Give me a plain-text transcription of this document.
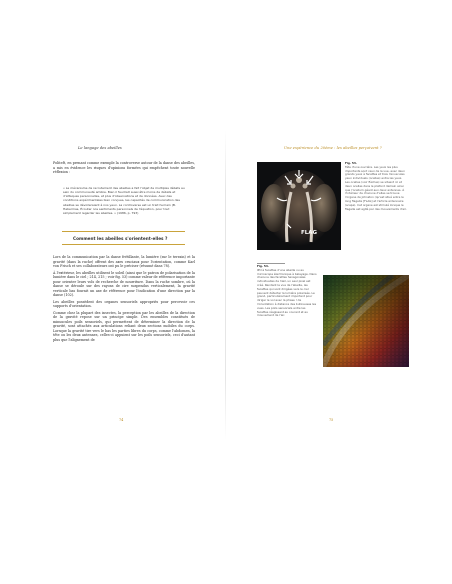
Le langage des abeilles

Politeft, en prenant comme exemple la controverse autour de la danse des abeilles, a mis en évidence les risques d'opinions formées qui empêchent toute nouvelle réflexion :

« Le mécanisme de recrutement des abeilles a fait l'objet de multiples débats au sein du communauté amibie. Bien il faudrait aussi être moins de débats et d'attaques personnelles, et plus d'observations et de données. Avec des conditions expérimentales bien conçues, les capacités de communication des abeilles se dévoileraient à nos yeux. La controverse est un trait humain (B. Habermas, Écouter nos sentiments personnels de l'équation, pour tout simplement regarder les abeilles. » (1986, p. 793)
Comment les abeilles s'orientent-elles ?

Lors de la communication par la danse frétillante, la lumière (sur le terrain) et la gravité (dans la ruche) offrent des axes cruciaux pour l'orientation, comme Karl von Frisch et ses collaborateurs ont pu le préciser (résumé dans 78).

À l'extérieur, les abeilles utilisent le soleil (ainsi que le patron de polarisation de la lumière dans le ciel ; 214, 215 ; voir fig. 53) comme valeur de référence importante pour orienter leurs vols de recherche de nourriture. Dans la ruche sombre, où la danse se déroule sur des rayons de cire suspendus verticalement, la gravité verticale bas fournit un axe de référence pour l'indication d'une direction par la danse (102).

Les abeilles possèdent des organes sensoriels appropriés pour percevoir ces supports d'orientation.

Comme chez la plupart des insectes, la perception par les abeilles de la direction de la gravité repose sur un principe simple. Des ensembles constitués de minuscules poils sensoriels, qui permettent de déterminer la direction de la gravité, sont attachés aux articulations reliant deux sections mobiles du corps. Lorsque la gravité tire vers le bas les parties libres du corps, comme l'abdomen, la tête ou les deux antennes, celles-ci appuient sur les poils sensoriels, ceci d'autant plus que l'alignement de

74
Une expérience du 20ème : les abeilles perçoivent ?
FLAG
Fig. 53.
Tête d'une ouvrière. Les yeux les plus importants sont ceux de la vue, avec deux grands yeux à facettes et trois minuscules yeux individuels (ocelles) entre les yeux. Les ocelles (voir flèches) se situent ici et deux ocelles dans le plafond demain ainsi que l'ocellum géant aux deux antennes. À l'intérieur de chacune d'elles se trouve l'organe de Johnston (qu'est situé entre le long flagelle [FLAG] et l'article ardennaire (scape). Cet organe est stimulé lorsque le flagelle est agité par des mouvements d'air.
Fig. 54.
Œil à facettes d'une abeille vu au microscope électronique à balayage. Dans chacune des facettes hexagonales individuelles de l'œil, un seul pixel est créé. Rendant la vue de l'abeille, les facettes qui sont dirigées vers le ciel peuvent détecter la lumière polarisée. Le grand, particulièrement important pour diriger le vol avec la phase ! de l'orientation à distance des butineuses les vues. Les poils sensoriels entre les facettes réagissent au courant et au mouvement de l'air.
75
